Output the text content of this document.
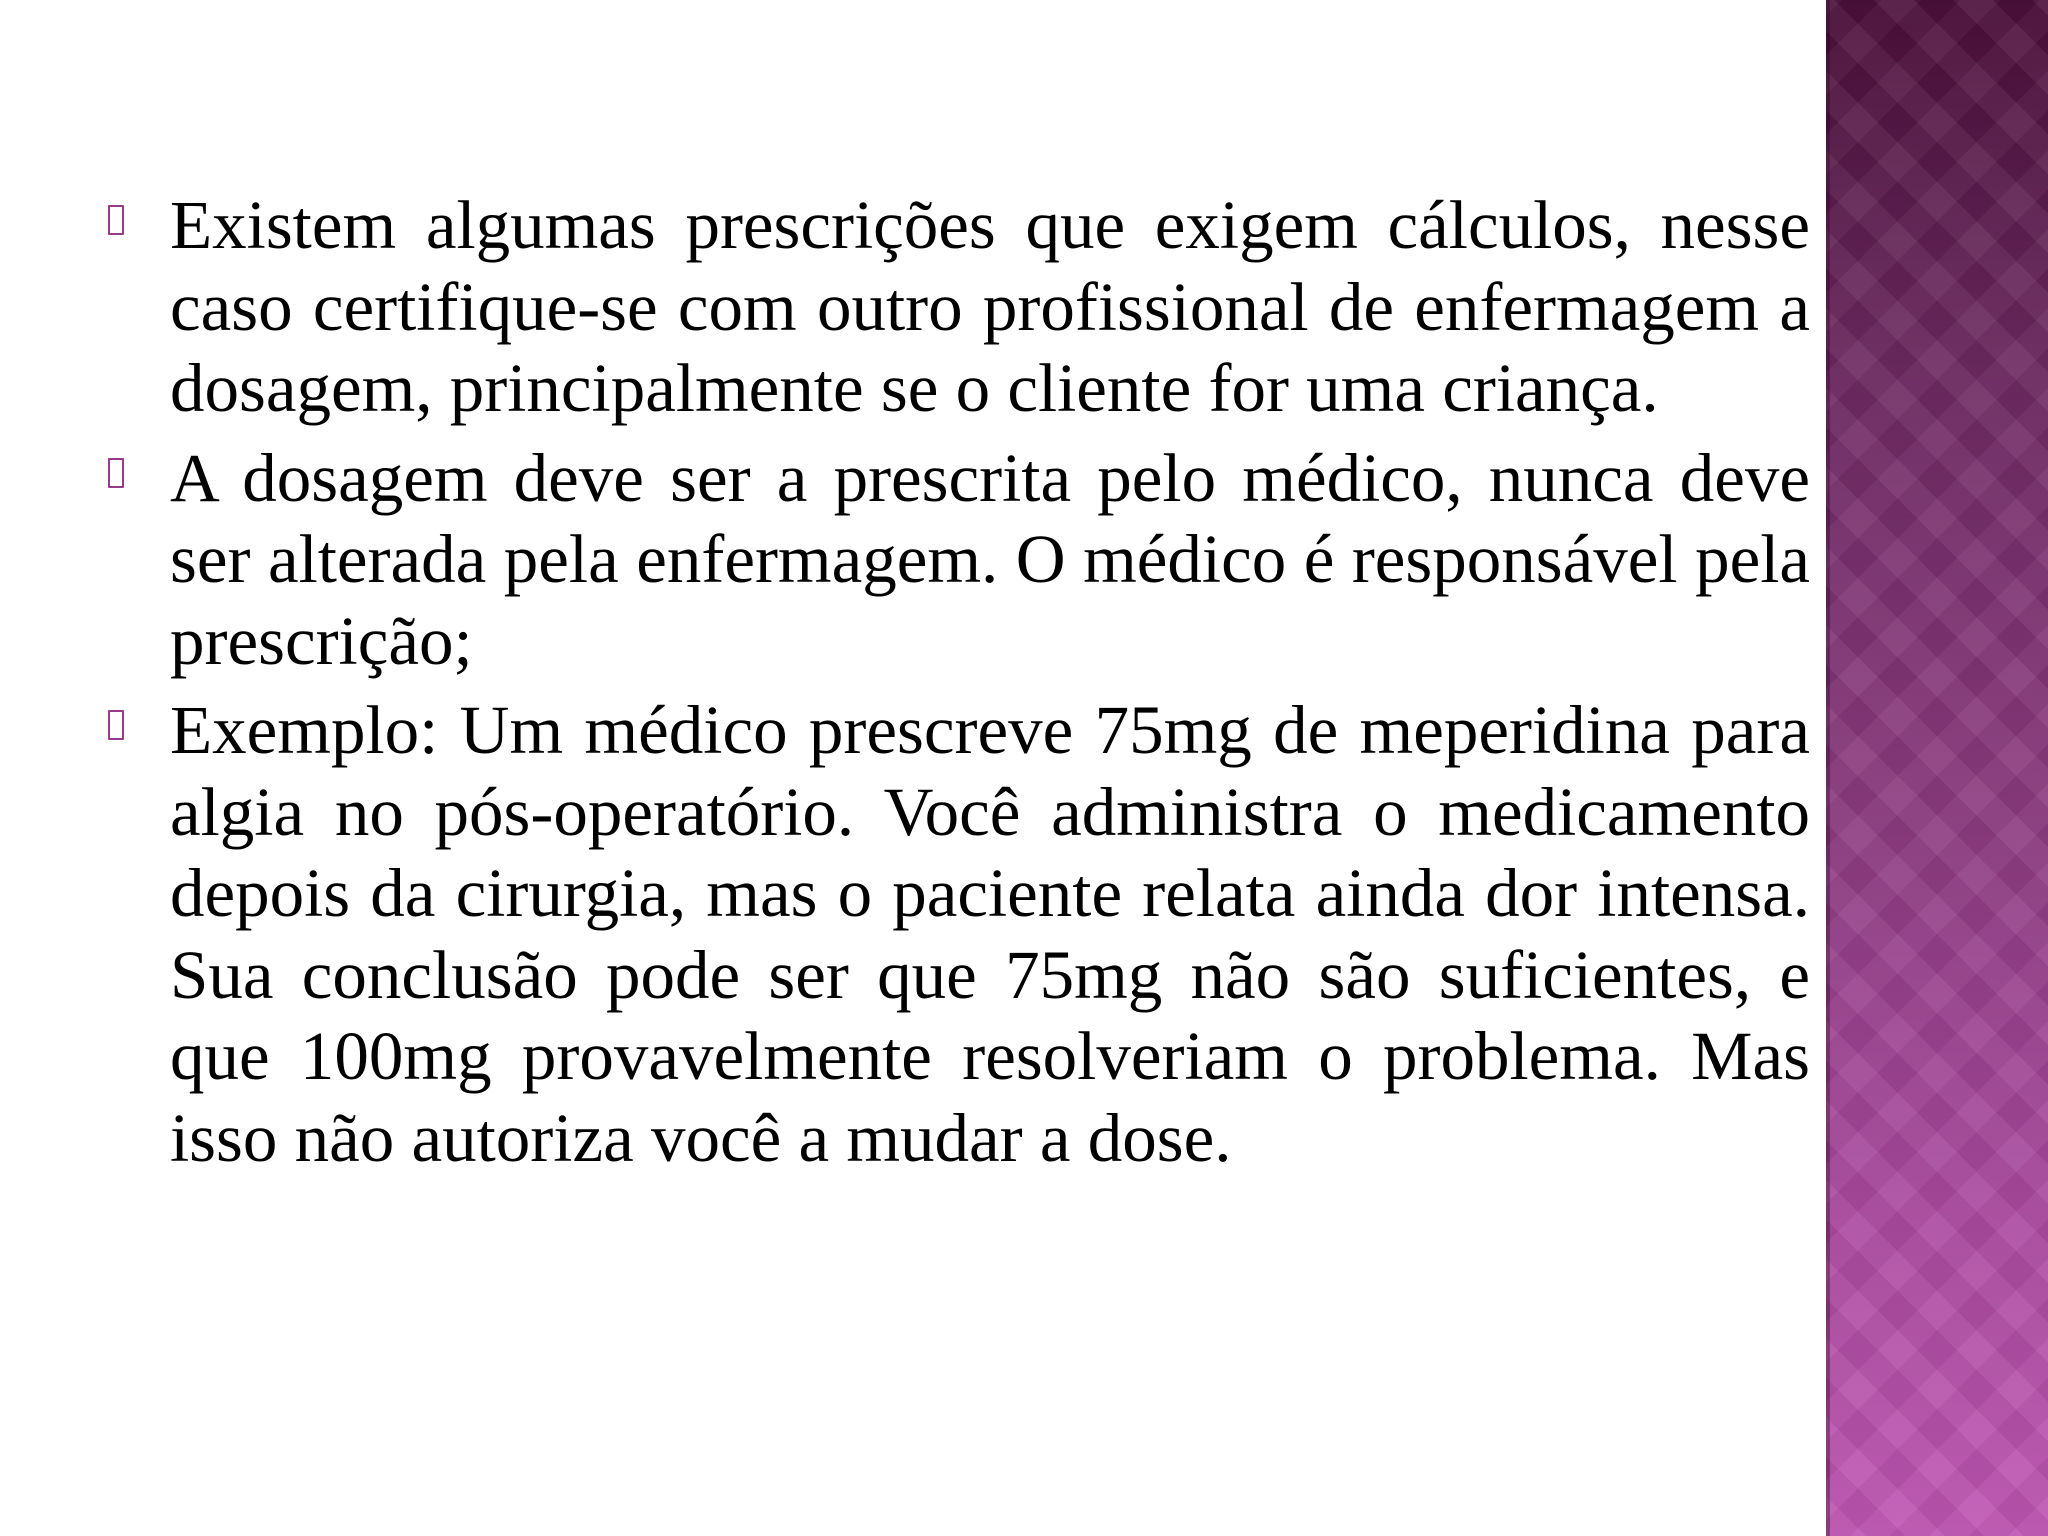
Existem algumas prescrições que exigem cálculos, nesse caso certifique-se com outro profissional de enfermagem a dosagem, principalmente se o cliente for uma criança.

A dosagem deve ser a prescrita pelo médico, nunca deve ser alterada pela enfermagem. O médico é responsável pela prescrição;

Exemplo: Um médico prescreve 75mg de meperidina para algia no pós-operatório. Você administra o medicamento depois da cirurgia, mas o paciente relata ainda dor intensa. Sua conclusão pode ser que 75mg não são suficientes, e que 100mg provavelmente resolveriam o problema. Mas isso não autoriza você a mudar a dose.
